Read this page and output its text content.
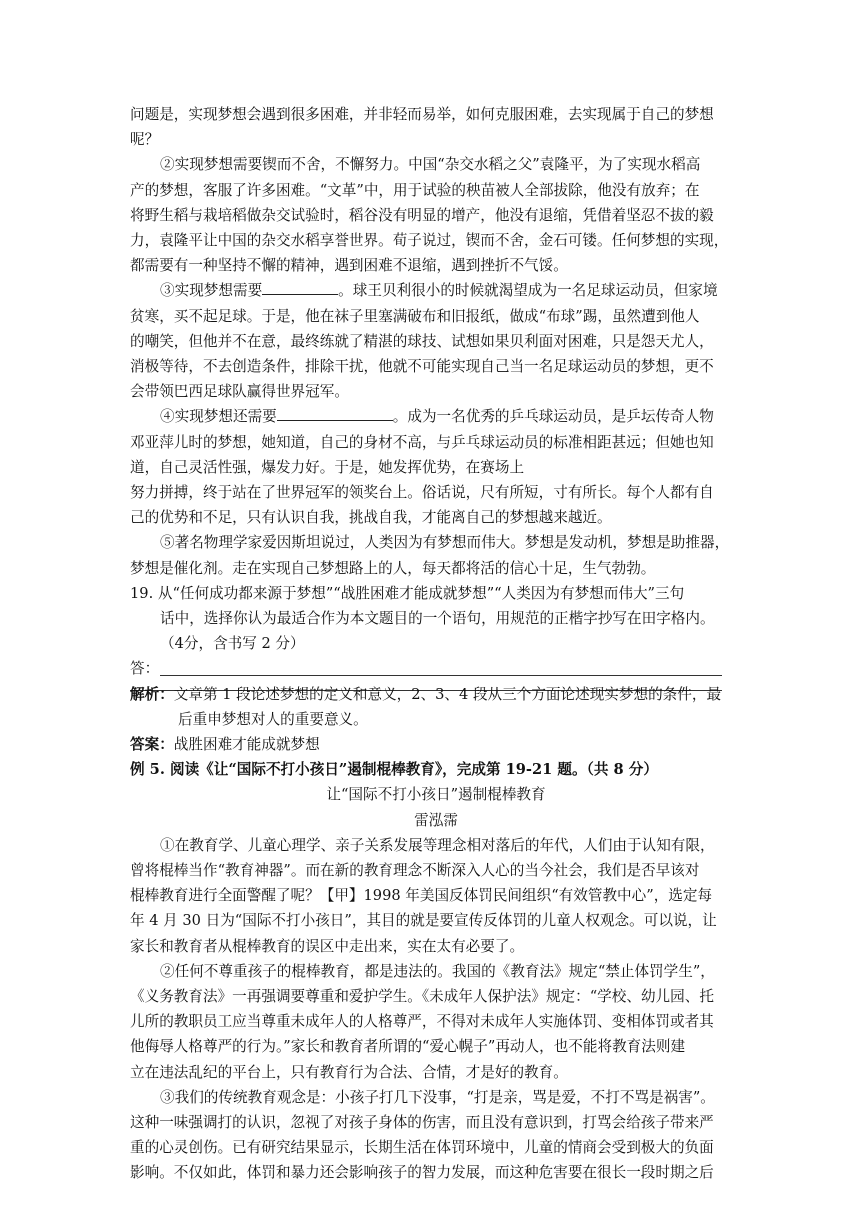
问题是，实现梦想会遇到很多困难，并非轻而易举，如何克服困难，去实现属于自己的梦想
呢？
②实现梦想需要锲而不舍，不懈努力。中国“杂交水稻之父”袁隆平，为了实现水稻高
产的梦想，客服了许多困难。“文革”中，用于试验的秧苗被人全部拔除，他没有放弃；在
将野生稻与栽培稻做杂交试验时，稻谷没有明显的增产，他没有退缩，凭借着坚忍不拔的毅
力，袁隆平让中国的杂交水稻享誉世界。荀子说过，锲而不舍，金石可镂。任何梦想的实现，
都需要有一种坚持不懈的精神，遇到困难不退缩，遇到挫折不气馁。
③实现梦想需要	。球王贝利很小的时候就渴望成为一名足球运动员，但家境
贫寒，买不起足球。于是，他在袜子里塞满破布和旧报纸，做成“布球”踢，虽然遭到他人
的嘲笑，但他并不在意，最终练就了精湛的球技、试想如果贝利面对困难，只是怨天尤人，
消极等待，不去创造条件，排除干扰，他就不可能实现自己当一名足球运动员的梦想，更不
会带领巴西足球队赢得世界冠军。
④实现梦想还需要	。成为一名优秀的乒乓球运动员，是乒坛传奇人物
邓亚萍儿时的梦想，她知道，自己的身材不高，与乒乓球运动员的标准相距甚远；但她也知
道，自己灵活性强，爆发力好。于是，她发挥优势，在赛场上
努力拼搏，终于站在了世界冠军的领奖台上。俗话说，尺有所短，寸有所长。每个人都有自
己的优势和不足，只有认识自我，挑战自我，才能离自己的梦想越来越近。
⑤著名物理学家爱因斯坦说过，人类因为有梦想而伟大。梦想是发动机，梦想是助推器，
梦想是催化剂。走在实现自己梦想路上的人，每天都将活的信心十足，生气勃勃。
19. 从“任何成功都来源于梦想”“战胜困难才能成就梦想”“人类因为有梦想而伟大”三句
话中，选择你认为最适合作为本文题目的一个语句，用规范的正楷字抄写在田字格内。
（4分，含书写 2 分）
答：
解析：文章第 1 段论述梦想的定义和意义，2、3、4 段从三个方面论述现实梦想的条件，最
后重申梦想对人的重要意义。
答案：战胜困难才能成就梦想
例 5. 阅读《让“国际不打小孩日”遏制棍棒教育》，完成第 19-21 题。（共 8 分）
让“国际不打小孩日”遏制棍棒教育
雷泓霈
①在教育学、儿童心理学、亲子关系发展等理念相对落后的年代，人们由于认知有限，
曾将棍棒当作“教育神器”。而在新的教育理念不断深入人心的当今社会，我们是否早该对
棍棒教育进行全面警醒了呢？【甲】1998 年美国反体罚民间组织“有效管教中心”，选定每
年 4 月 30 日为“国际不打小孩日”，其目的就是要宣传反体罚的儿童人权观念。可以说，让
家长和教育者从棍棒教育的误区中走出来，实在太有必要了。
②任何不尊重孩子的棍棒教育，都是违法的。我国的《教育法》规定“禁止体罚学生”，
《义务教育法》一再强调要尊重和爱护学生。《未成年人保护法》规定：“学校、幼儿园、托
儿所的教职员工应当尊重未成年人的人格尊严，不得对未成年人实施体罚、变相体罚或者其
他侮辱人格尊严的行为。”家长和教育者所谓的“爱心幌子”再动人，也不能将教育法则建
立在违法乱纪的平台上，只有教育行为合法、合情，才是好的教育。
③我们的传统教育观念是：小孩子打几下没事，“打是亲，骂是爱，不打不骂是祸害”。
这种一味强调打的认识，忽视了对孩子身体的伤害，而且没有意识到，打骂会给孩子带来严
重的心灵创伤。已有研究结果显示，长期生活在体罚环境中，儿童的情商会受到极大的负面
影响。不仅如此，体罚和暴力还会影响孩子的智力发展，而这种危害要在很长一段时期之后
